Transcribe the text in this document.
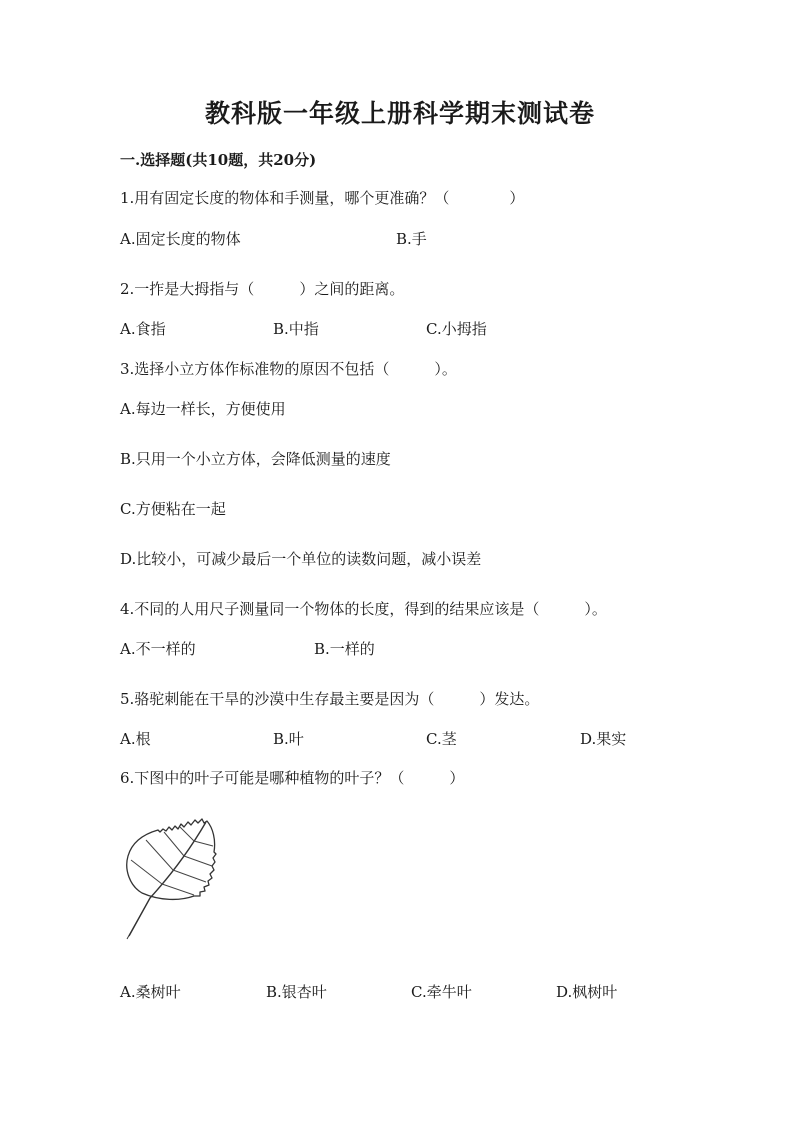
教科版一年级上册科学期末测试卷
一.选择题(共10题，共20分)
1.用有固定长度的物体和手测量，哪个更准确？（　　　　）
A.固定长度的物体	B.手
2.一拃是大拇指与（　　　）之间的距离。
A.食指	B.中指	C.小拇指
3.选择小立方体作标准物的原因不包括（　　　）。
A.每边一样长，方便使用
B.只用一个小立方体，会降低测量的速度
C.方便粘在一起
D.比较小，可减少最后一个单位的读数问题，减小误差
4.不同的人用尺子测量同一个物体的长度，得到的结果应该是（　　　）。
A.不一样的	B.一样的
5.骆驼刺能在干旱的沙漠中生存最主要是因为（　　　）发达。
A.根	B.叶	C.茎	D.果实
6.下图中的叶子可能是哪种植物的叶子？（　　　）
A.桑树叶	B.银杏叶	C.牵牛叶	D.枫树叶
